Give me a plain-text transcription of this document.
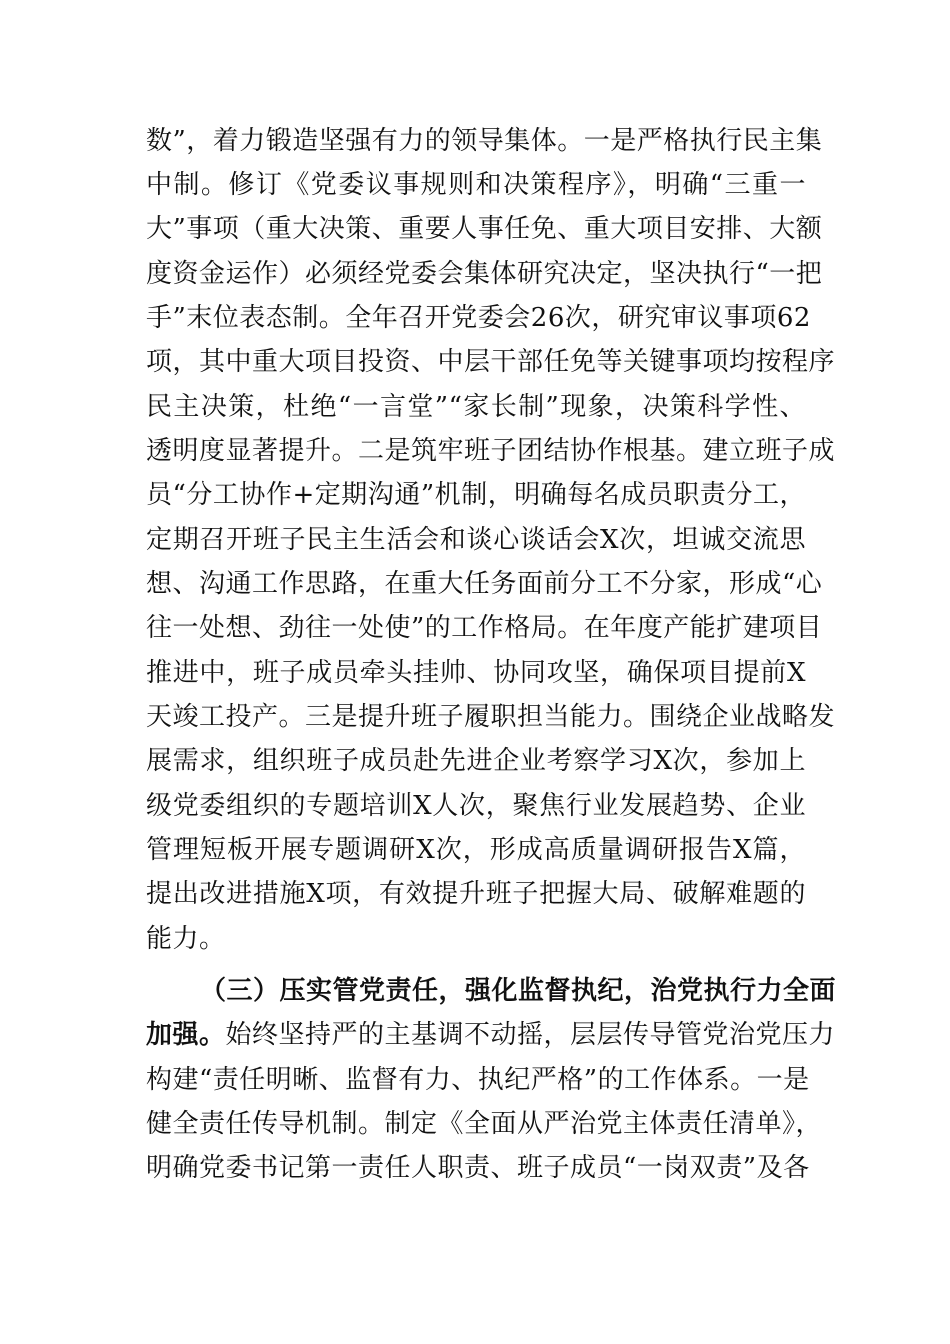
数”，着力锻造坚强有力的领导集体。一是严格执行民主集
中制。修订《党委议事规则和决策程序》，明确“三重一
大”事项（重大决策、重要人事任免、重大项目安排、大额
度资金运作）必须经党委会集体研究决定，坚决执行“一把
手”末位表态制。全年召开党委会26次，研究审议事项62
项，其中重大项目投资、中层干部任免等关键事项均按程序
民主决策，杜绝“一言堂”“家长制”现象，决策科学性、
透明度显著提升。二是筑牢班子团结协作根基。建立班子成
员“分工协作+定期沟通”机制，明确每名成员职责分工，
定期召开班子民主生活会和谈心谈话会X次，坦诚交流思
想、沟通工作思路，在重大任务面前分工不分家，形成“心
往一处想、劲往一处使”的工作格局。在年度产能扩建项目
推进中，班子成员牵头挂帅、协同攻坚，确保项目提前X
天竣工投产。三是提升班子履职担当能力。围绕企业战略发
展需求，组织班子成员赴先进企业考察学习X次，参加上
级党委组织的专题培训X人次，聚焦行业发展趋势、企业
管理短板开展专题调研X次，形成高质量调研报告X篇，
提出改进措施X项，有效提升班子把握大局、破解难题的
能力。
（三）压实管党责任，强化监督执纪，治党执行力全面
加强。始终坚持严的主基调不动摇，层层传导管党治党压力
构建“责任明晰、监督有力、执纪严格”的工作体系。一是
健全责任传导机制。制定《全面从严治党主体责任清单》，
明确党委书记第一责任人职责、班子成员“一岗双责”及各
